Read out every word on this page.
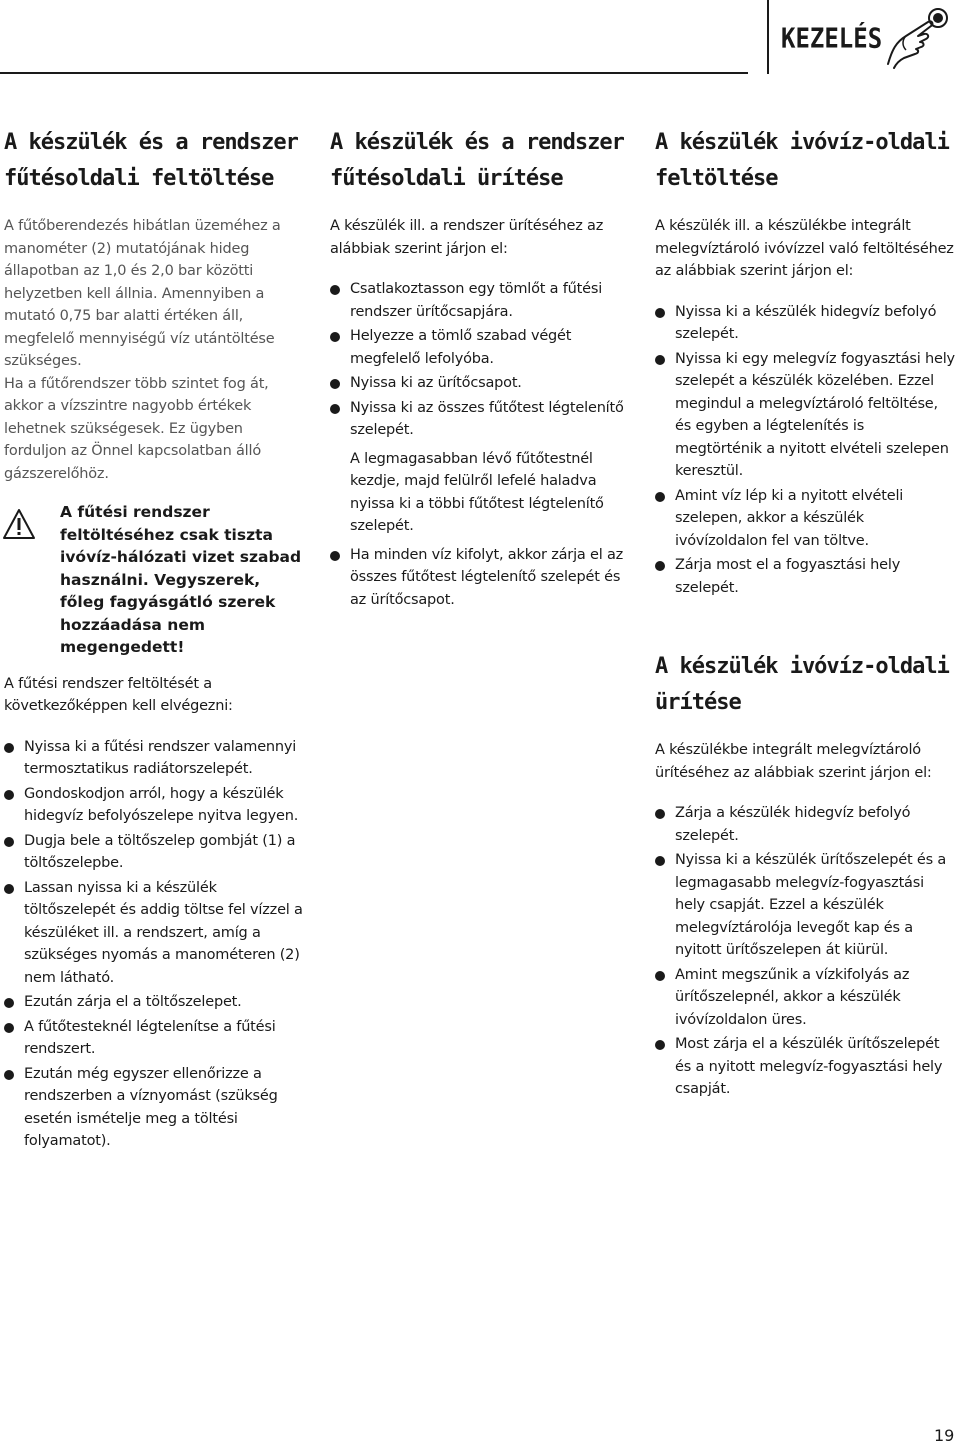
KEZELÉS
A készülék és a rendszer
fűtésoldali feltöltése

A fűtőberendezés hibátlan üzeméhez a manométer (2) mutatójának hideg állapotban az 1,0 és 2,0 bar közötti helyzetben kell állnia. Amennyiben a mutató 0,75 bar alatti értéken áll, megfelelő mennyiségű víz utántöltése szükséges.

Ha a fűtőrendszer több szintet fog át, akkor a vízszintre nagyobb értékek lehetnek szükségesek. Ez ügyben forduljon az Önnel kapcsolatban álló gázszerelőhöz.

A fűtési rendszer feltöltéséhez csak tiszta ivóvíz-hálózati vizet szabad használni. Vegyszerek, főleg fagyásgátló szerek hozzáadása nem megengedett!

A fűtési rendszer feltöltését a következőképpen kell elvégezni:

Nyissa ki a fűtési rendszer valamennyi termosztatikus radiátorszelepét.
Gondoskodjon arról, hogy a készülék hidegvíz befolyószelepe nyitva legyen.
Dugja bele a töltőszelep gombját (1) a töltőszelepbe.
Lassan nyissa ki a készülék töltőszelepét és addig töltse fel vízzel a készüléket ill. a rendszert, amíg a szükséges nyomás a manométeren (2) nem látható.
Ezután zárja el a töltőszelepet.
A fűtőtesteknél légtelenítse a fűtési rendszert.
Ezután még egyszer ellenőrizze a rendszerben a víznyomást (szükség esetén ismételje meg a töltési folyamatot).
A készülék és a rendszer
fűtésoldali ürítése

A készülék ill. a rendszer ürítéséhez az alábbiak szerint járjon el:

Csatlakoztasson egy tömlőt a fűtési rendszer ürítőcsapjára.
Helyezze a tömlő szabad végét megfelelő lefolyóba.
Nyissa ki az ürítőcsapot.
Nyissa ki az összes fűtőtest légtelenítő szelepét.

A legmagasabban lévő fűtőtestnél kezdje, majd felülről lefelé haladva nyissa ki a többi fűtőtest légtelenítő szelepét.

Ha minden víz kifolyt, akkor zárja el az összes fűtőtest légtelenítő szelepét és az ürítőcsapot.
A készülék ivóvíz-oldali
feltöltése

A készülék ill. a készülékbe integrált melegvíztároló ivóvízzel való feltöltéséhez az alábbiak szerint járjon el:

Nyissa ki a készülék hidegvíz befolyó szelepét.
Nyissa ki egy melegvíz fogyasztási hely szelepét a készülék közelében. Ezzel megindul a melegvíztároló feltöltése, és egyben a légtelenítés is megtörténik a nyitott elvételi szelepen keresztül.
Amint víz lép ki a nyitott elvételi szelepen, akkor a készülék ivóvízoldalon fel van töltve.
Zárja most el a fogyasztási hely szelepét.
A készülék ivóvíz-oldali
ürítése

A készülékbe integrált melegvíztároló ürítéséhez az alábbiak szerint járjon el:

Zárja a készülék hidegvíz befolyó szelepét.
Nyissa ki a készülék ürítőszelepét és a legmagasabb melegvíz-fogyasztási hely csapját. Ezzel a készülék melegvíztárolója levegőt kap és a nyitott ürítőszelepen át kiürül.
Amint megszűnik a vízkifolyás az ürítőszelepnél, akkor a készülék ivóvízoldalon üres.
Most zárja el a készülék ürítőszelepét és a nyitott melegvíz-fogyasztási hely csapját.
19
